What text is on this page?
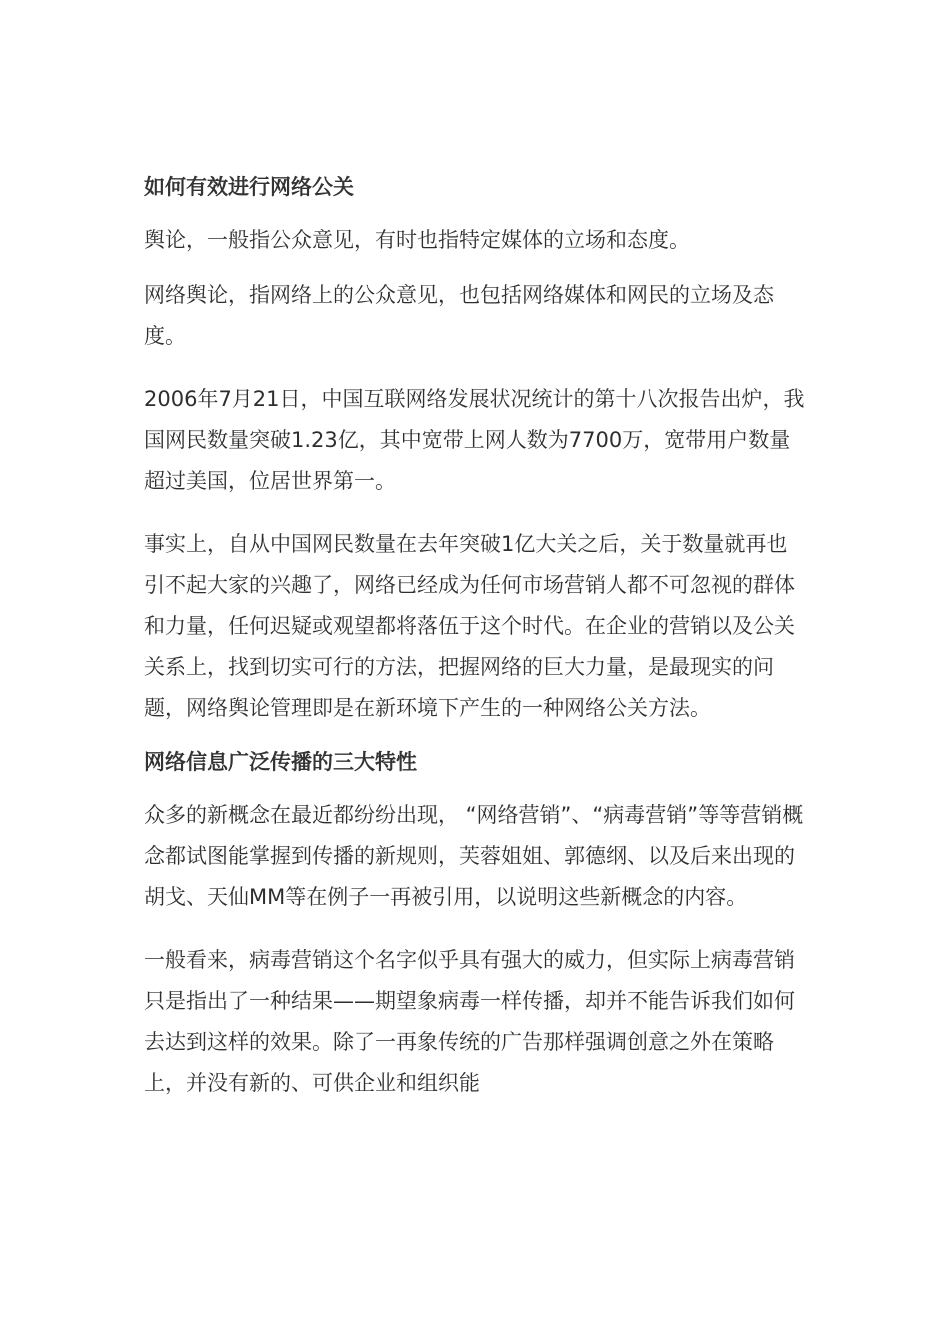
如何有效进行网络公关

舆论，一般指公众意见，有时也指特定媒体的立场和态度。

网络舆论，指网络上的公众意见，也包括网络媒体和网民的立场及态度。

2006年7月21日，中国互联网络发展状况统计的第十八次报告出炉，我国网民数量突破1.23亿，其中宽带上网人数为7700万，宽带用户数量超过美国，位居世界第一。

事实上，自从中国网民数量在去年突破1亿大关之后，关于数量就再也引不起大家的兴趣了，网络已经成为任何市场营销人都不可忽视的群体和力量，任何迟疑或观望都将落伍于这个时代。在企业的营销以及公关关系上，找到切实可行的方法，把握网络的巨大力量，是最现实的问题，网络舆论管理即是在新环境下产生的一种网络公关方法。

网络信息广泛传播的三大特性

众多的新概念在最近都纷纷出现， “网络营销”、“病毒营销”等等营销概念都试图能掌握到传播的新规则，芙蓉姐姐、郭德纲、以及后来出现的胡戈、天仙MM等在例子一再被引用，以说明这些新概念的内容。

一般看来，病毒营销这个名字似乎具有强大的威力，但实际上病毒营销只是指出了一种结果——期望象病毒一样传播，却并不能告诉我们如何去达到这样的效果。除了一再象传统的广告那样强调创意之外在策略上，并没有新的、可供企业和组织能
